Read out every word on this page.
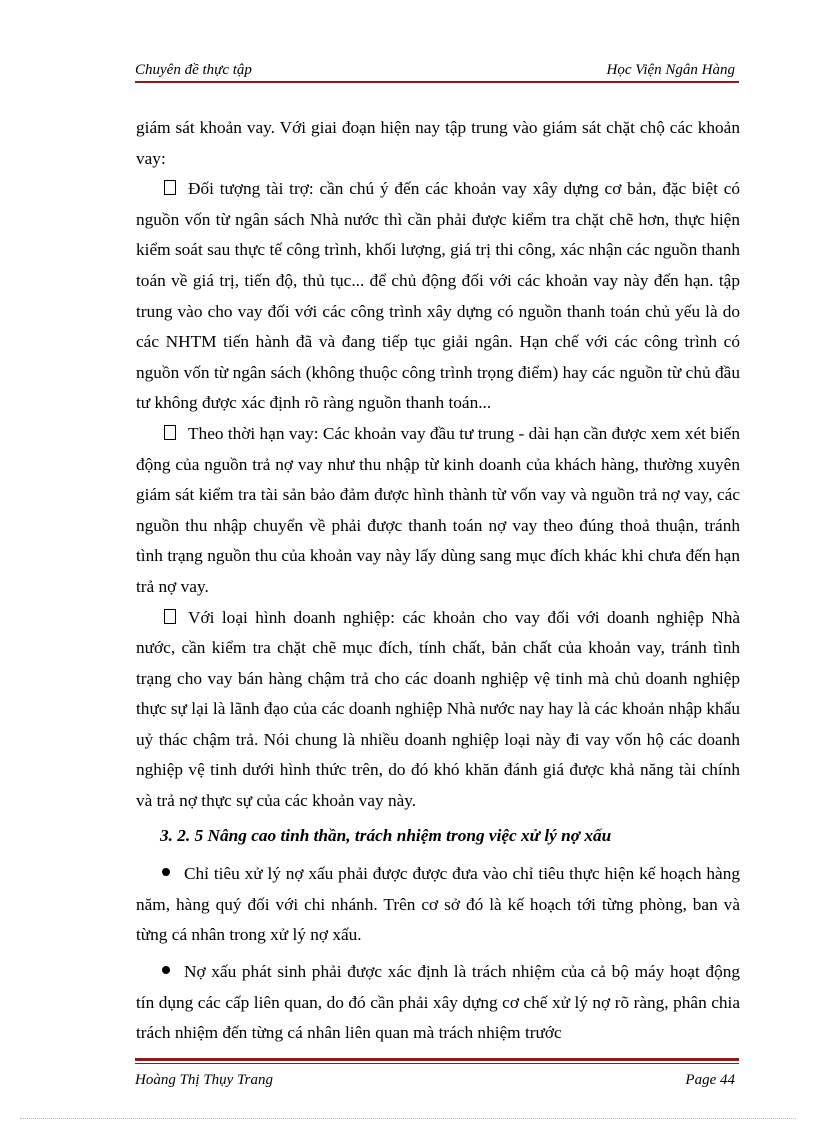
Chuyên đề thực tập	Học Viện Ngân Hàng

giám sát khoản vay. Với giai đoạn hiện nay tập trung vào giám sát chặt chộ các khoản vay:

Đối tượng tài trợ: cần chú ý đến các khoản vay xây dựng cơ bản, đặc biệt có nguồn vốn từ ngân sách Nhà nước thì cần phải được kiểm tra chặt chẽ hơn, thực hiện kiểm soát sau thực tế công trình, khối lượng, giá trị thi công, xác nhận các nguồn thanh toán về giá trị, tiến độ, thủ tục... để chủ động đối với các khoản vay này đến hạn. tập trung vào cho vay đối với các công trình xây dựng có nguồn thanh toán chủ yếu là do các NHTM tiến hành đã và đang tiếp tục giải ngân. Hạn chế với các công trình có nguồn vốn từ ngân sách (không thuộc công trình trọng điểm) hay các nguồn từ chủ đầu tư không được xác định rõ ràng nguồn thanh toán...

Theo thời hạn vay: Các khoản vay đầu tư trung - dài hạn cần được xem xét biến động của nguồn trả nợ vay như thu nhập từ kinh doanh của khách hàng, thường xuyên giám sát kiểm tra tài sản bảo đảm được hình thành từ vốn vay và nguồn trả nợ vay, các nguồn thu nhập chuyển về phải được thanh toán nợ vay theo đúng thoả thuận, tránh tình trạng nguồn thu của khoản vay này lấy dùng sang mục đích khác khi chưa đến hạn trả nợ vay.

Với loại hình doanh nghiệp: các khoản cho vay đối với doanh nghiệp Nhà nước, cần kiểm tra chặt chẽ mục đích, tính chất, bản chất của khoản vay, tránh tình trạng cho vay bán hàng chậm trả cho các doanh nghiệp vệ tinh mà chủ doanh nghiệp thực sự lại là lãnh đạo của các doanh nghiệp Nhà nước nay hay là các khoản nhập khẩu uỷ thác chậm trả. Nói chung là nhiều doanh nghiệp loại này đi vay vốn hộ các doanh nghiệp vệ tinh dưới hình thức trên, do đó khó khăn đánh giá được khả năng tài chính và trả nợ thực sự của các khoản vay này.

3. 2. 5 Nâng cao tinh thần, trách nhiệm trong việc xử lý nợ xấu

Chỉ tiêu xử lý nợ xấu phải được được đưa vào chỉ tiêu thực hiện kế hoạch hàng năm, hàng quý đối với chi nhánh. Trên cơ sở đó là kế hoạch tới từng phòng, ban và từng cá nhân trong xử lý nợ xấu.

Nợ xấu phát sinh phải được xác định là trách nhiệm của cả bộ máy hoạt động tín dụng các cấp liên quan, do đó cần phải xây dựng cơ chế xử lý nợ rõ ràng, phân chia trách nhiệm đến từng cá nhân liên quan mà trách nhiệm trước

Hoàng Thị Thụy Trang	Page 44
